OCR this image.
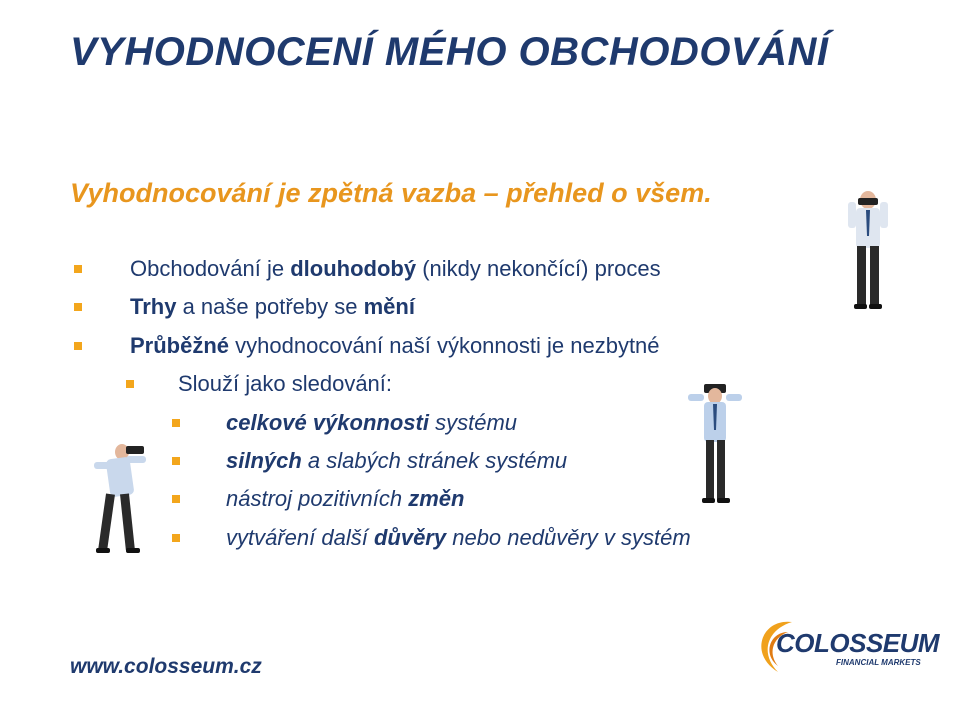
VYHODNOCENÍ MÉHO OBCHODOVÁNÍ
Vyhodnocování je zpětná vazba – přehled o všem.
Obchodování je dlouhodobý (nikdy nekončící) proces
Trhy a naše potřeby se mění
Průběžné vyhodnocování naší výkonnosti je nezbytné
Slouží jako sledování:
celkové výkonnosti systému
silných a slabých stránek systému
nástroj pozitivních změn
vytváření další důvěry nebo nedůvěry v systém
www.colosseum.cz
COLOSSEUM
FINANCIAL MARKETS
